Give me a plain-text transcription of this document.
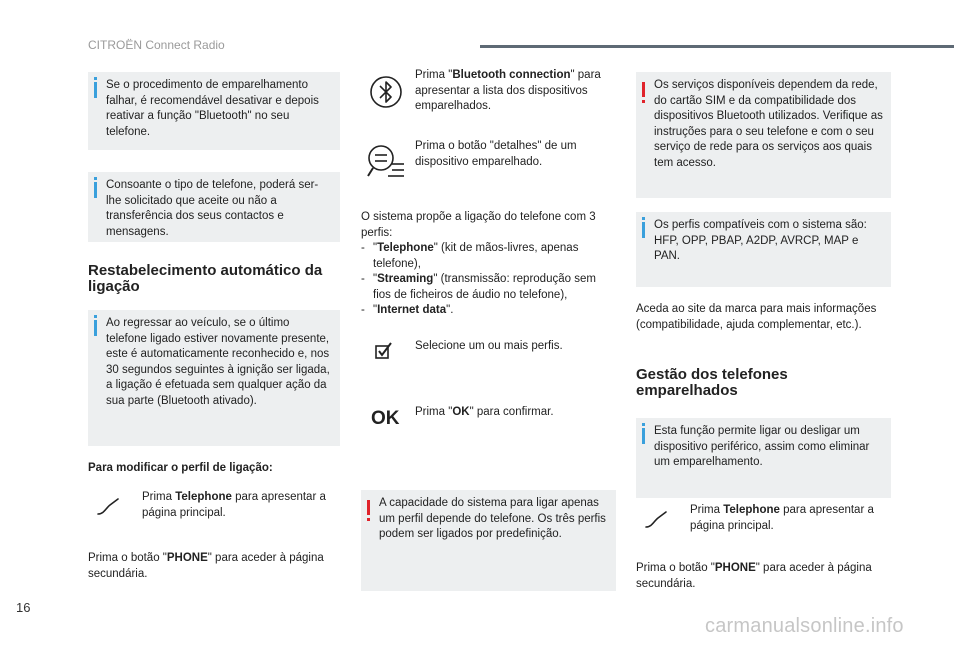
CITROËN Connect Radio

Se o procedimento de emparelhamento falhar, é recomendável desativar e depois reativar a função "Bluetooth" no seu telefone.

Consoante o tipo de telefone, poderá ser-lhe solicitado que aceite ou não a transferência dos seus contactos e mensagens.

Restabelecimento automático da ligação

Ao regressar ao veículo, se o último telefone ligado estiver novamente presente, este é automaticamente reconhecido e, nos 30 segundos seguintes à ignição ser ligada, a ligação é efetuada sem qualquer ação da sua parte (Bluetooth ativado).

Para modificar o perfil de ligação:
Prima Telephone para apresentar a página principal.
Prima o botão "PHONE" para aceder à página secundária.
Prima "Bluetooth connection" para apresentar a lista dos dispositivos emparelhados.
Prima o botão "detalhes" de um dispositivo emparelhado.
O sistema propõe a ligação do telefone com 3 perfis:
- "Telephone" (kit de mãos-livres, apenas telefone),
- "Streaming" (transmissão: reprodução sem fios de ficheiros de áudio no telefone),
- "Internet data".
Selecione um ou mais perfis.
OK Prima "OK" para confirmar.

A capacidade do sistema para ligar apenas um perfil depende do telefone. Os três perfis podem ser ligados por predefinição.

Os serviços disponíveis dependem da rede, do cartão SIM e da compatibilidade dos dispositivos Bluetooth utilizados. Verifique as instruções para o seu telefone e com o seu serviço de rede para os serviços aos quais tem acesso.

Os perfis compatíveis com o sistema são: HFP, OPP, PBAP, A2DP, AVRCP, MAP e PAN.

Aceda ao site da marca para mais informações (compatibilidade, ajuda complementar, etc.).
Gestão dos telefones emparelhados

Esta função permite ligar ou desligar um dispositivo periférico, assim como eliminar um emparelhamento.

Prima Telephone para apresentar a página principal.
Prima o botão "PHONE" para aceder à página secundária.
16
carmanualsonline.info
